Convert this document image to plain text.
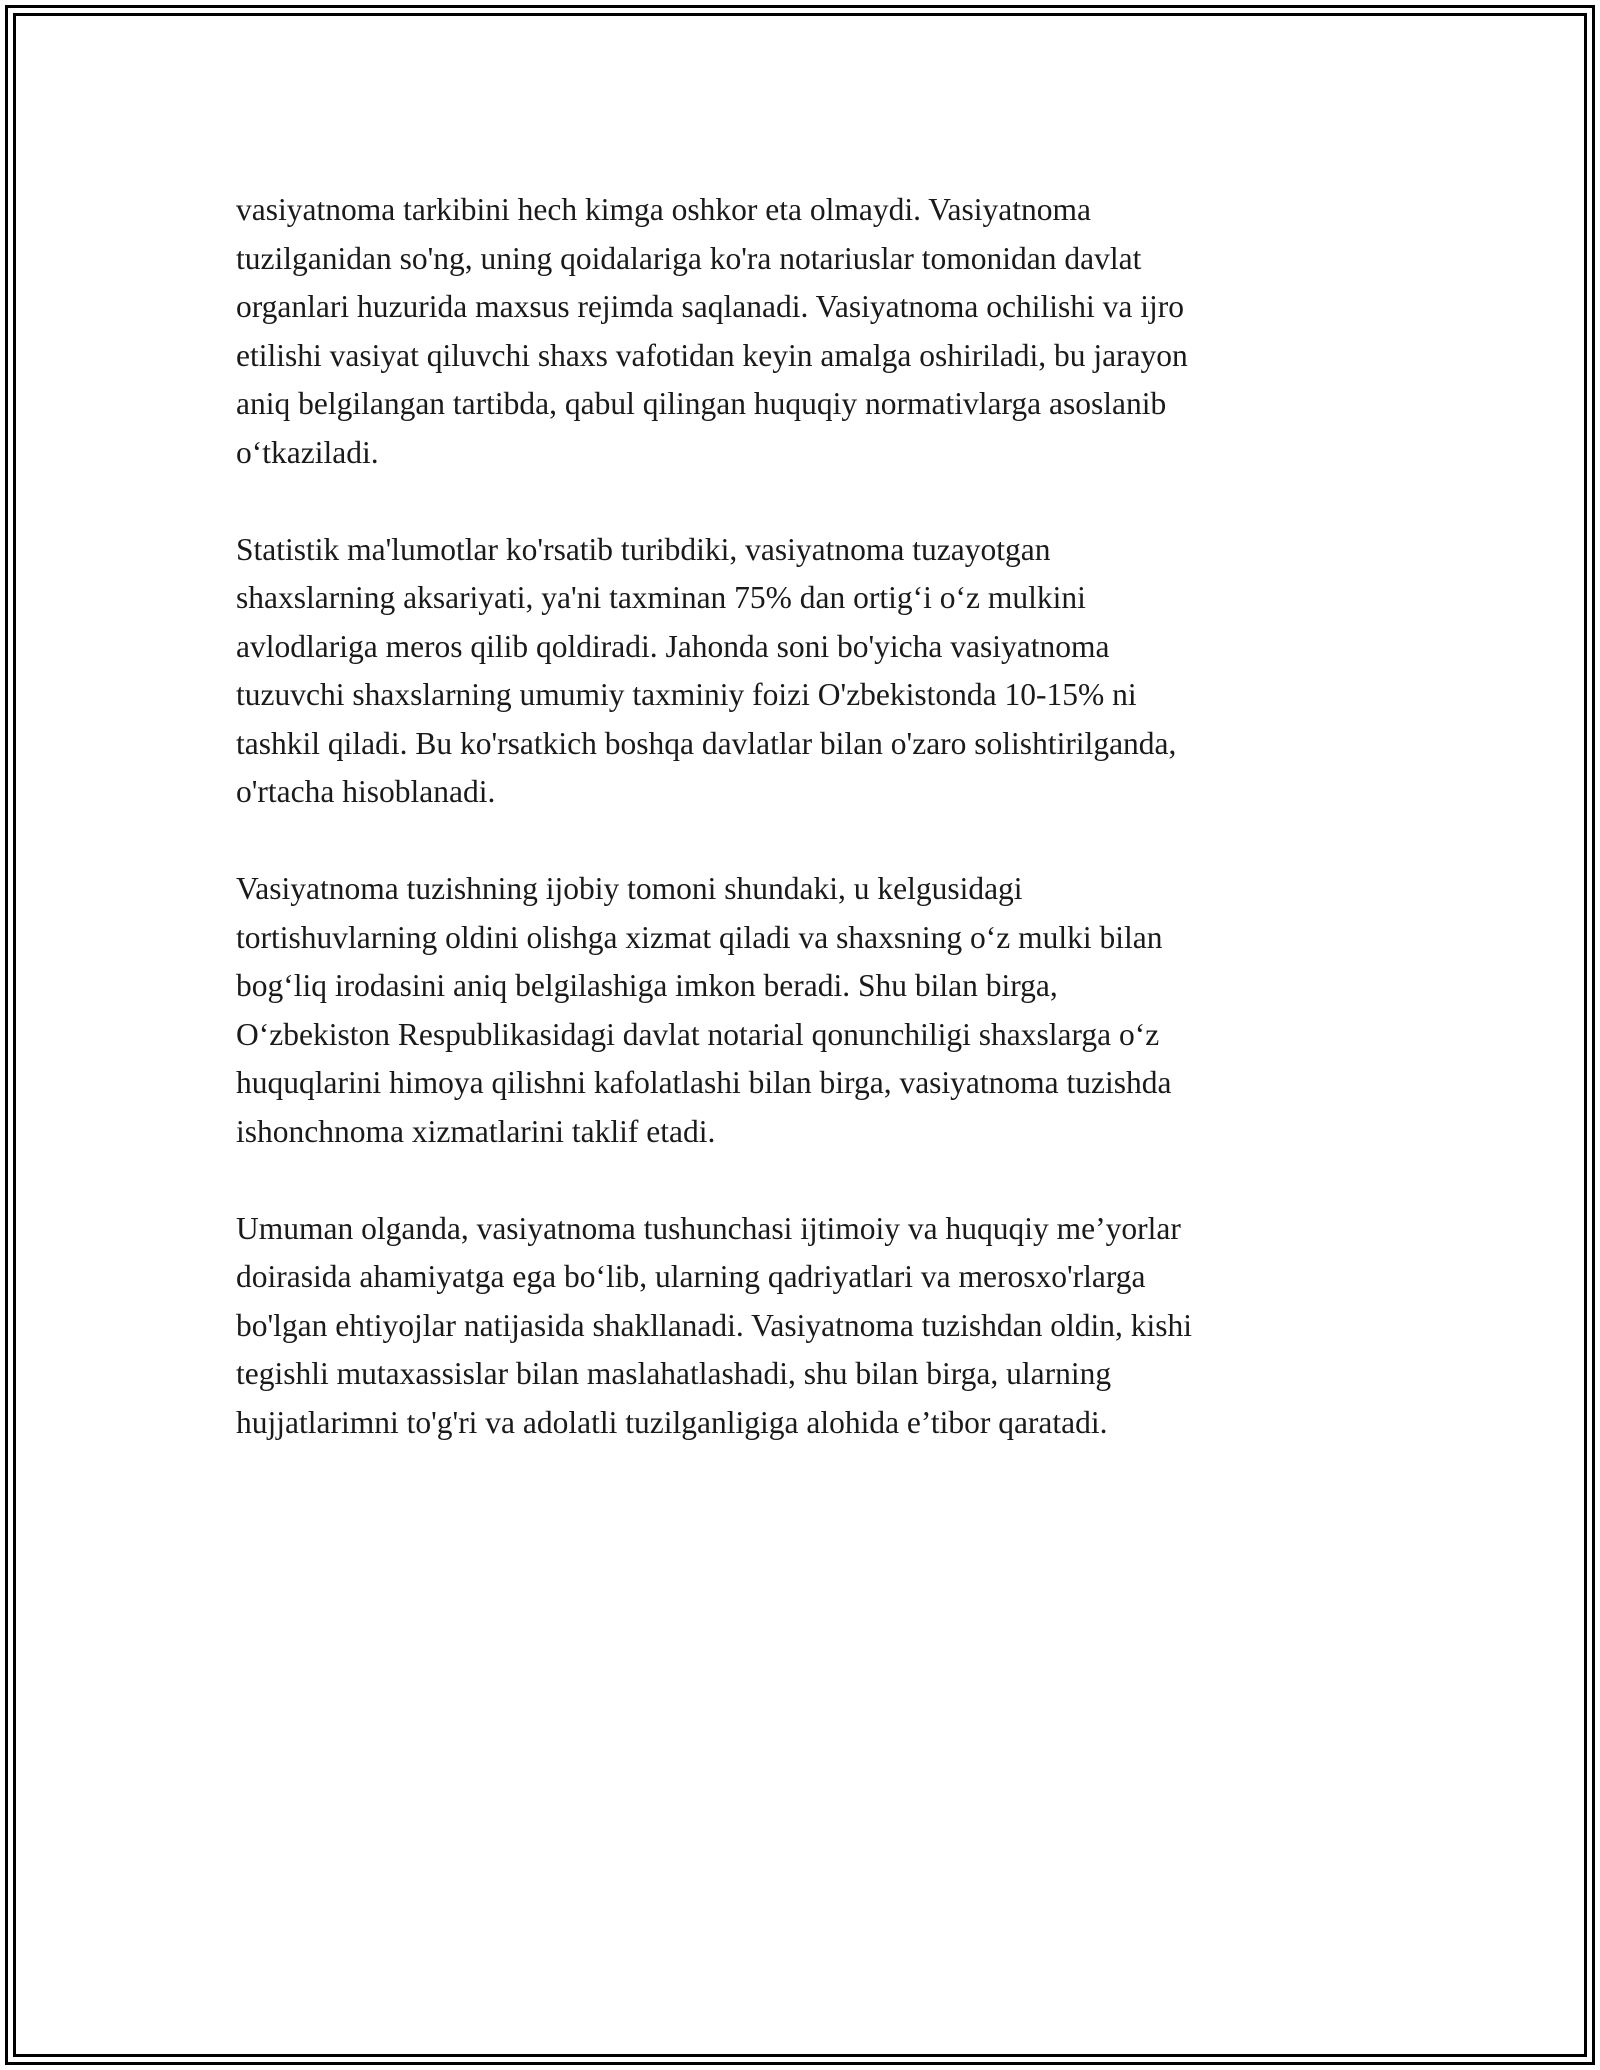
vasiyatnoma tarkibini hech kimga oshkor eta olmaydi. Vasiyatnoma
tuzilganidan so'ng, uning qoidalariga ko'ra notariuslar tomonidan davlat
organlari huzurida maxsus rejimda saqlanadi. Vasiyatnoma ochilishi va ijro
etilishi vasiyat qiluvchi shaxs vafotidan keyin amalga oshiriladi, bu jarayon
aniq belgilangan tartibda, qabul qilingan huquqiy normativlarga asoslanib
o‘tkaziladi.

Statistik ma'lumotlar ko'rsatib turibdiki, vasiyatnoma tuzayotgan
shaxslarning aksariyati, ya'ni taxminan 75% dan ortig‘i o‘z mulkini
avlodlariga meros qilib qoldiradi. Jahonda soni bo'yicha vasiyatnoma
tuzuvchi shaxslarning umumiy taxminiy foizi O'zbekistonda 10-15% ni
tashkil qiladi. Bu ko'rsatkich boshqa davlatlar bilan o'zaro solishtirilganda,
o'rtacha hisoblanadi.

Vasiyatnoma tuzishning ijobiy tomoni shundaki, u kelgusidagi
tortishuvlarning oldini olishga xizmat qiladi va shaxsning o‘z mulki bilan
bog‘liq irodasini aniq belgilashiga imkon beradi. Shu bilan birga,
O‘zbekiston Respublikasidagi davlat notarial qonunchiligi shaxslarga o‘z
huquqlarini himoya qilishni kafolatlashi bilan birga, vasiyatnoma tuzishda
ishonchnoma xizmatlarini taklif etadi.

Umuman olganda, vasiyatnoma tushunchasi ijtimoiy va huquqiy me’yorlar
doirasida ahamiyatga ega bo‘lib, ularning qadriyatlari va merosxo'rlarga
bo'lgan ehtiyojlar natijasida shakllanadi. Vasiyatnoma tuzishdan oldin, kishi
tegishli mutaxassislar bilan maslahatlashadi, shu bilan birga, ularning
hujjatlarimni to'g'ri va adolatli tuzilganligiga alohida e’tibor qaratadi.
